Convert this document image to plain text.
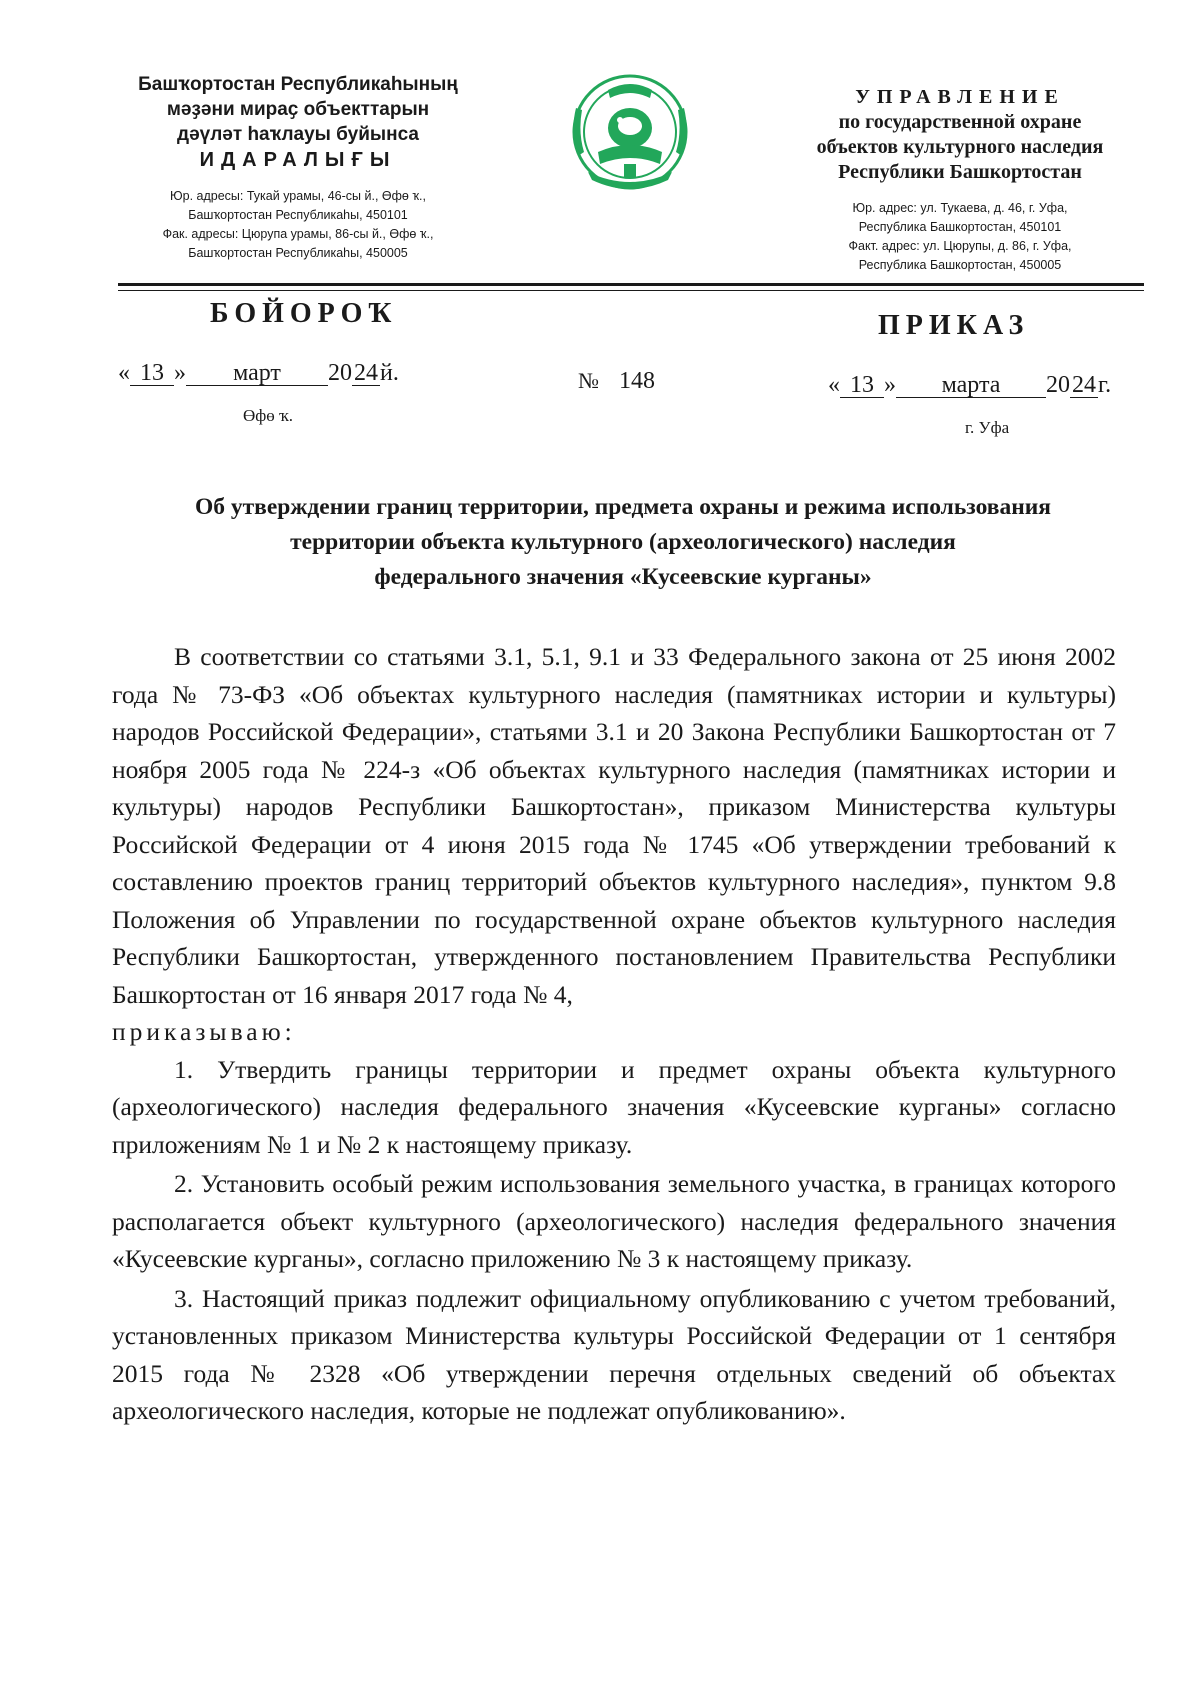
Башҡортостан Республикаһының
мәҙәни мираҫ объекттарын
дәүләт һаҡлауы буйынса
ИДАРАЛЫҒЫ
Юр. адресы: Тукай урамы, 46-сы й., Өфө ҡ.,
Башҡортостан Республикаһы, 450101
Фак. адресы: Цюрупа урамы, 86-сы й., Өфө ҡ.,
Башҡортостан Республикаһы, 450005
УПРАВЛЕНИЕ
по государственной охране
объектов культурного наследия
Республики Башкортостан
Юр. адрес: ул. Тукаева, д. 46, г. Уфа,
Республика Башкортостан, 450101
Факт. адрес: ул. Цюрупы, д. 86, г. Уфа,
Республика Башкортостан, 450005
БОЙОРОҠ	ПРИКАЗ
« 13 » март 2024й.	№ 148	« 13 » марта 2024г.
Өфө ҡ.
г. Уфа
Об утверждении границ территории, предмета охраны и режима использования
территории объекта культурного (археологического) наследия
федерального значения «Кусеевские курганы»

В соответствии со статьями 3.1, 5.1, 9.1 и 33 Федерального закона от 25 июня 2002 года № 73-ФЗ «Об объектах культурного наследия (памятниках истории и культуры) народов Российской Федерации», статьями 3.1 и 20 Закона Республики Башкортостан от 7 ноября 2005 года № 224-з «Об объектах культурного наследия (памятниках истории и культуры) народов Республики Башкортостан», приказом Министерства культуры Российской Федерации от 4 июня 2015 года № 1745 «Об утверждении требований к составлению проектов границ территорий объектов культурного наследия», пунктом 9.8 Положения об Управлении по государственной охране объектов культурного наследия Республики Башкортостан, утвержденного постановлением Правительства Республики Башкортостан от 16 января 2017 года № 4,

приказываю:

1. Утвердить границы территории и предмет охраны объекта культурного (археологического) наследия федерального значения «Кусеевские курганы» согласно приложениям № 1 и № 2 к настоящему приказу.

2. Установить особый режим использования земельного участка, в границах которого располагается объект культурного (археологического) наследия федерального значения «Кусеевские курганы», согласно приложению № 3 к настоящему приказу.

3. Настоящий приказ подлежит официальному опубликованию с учетом требований, установленных приказом Министерства культуры Российской Федерации от 1 сентября 2015 года № 2328 «Об утверждении перечня отдельных сведений об объектах археологического наследия, которые не подлежат опубликованию».
